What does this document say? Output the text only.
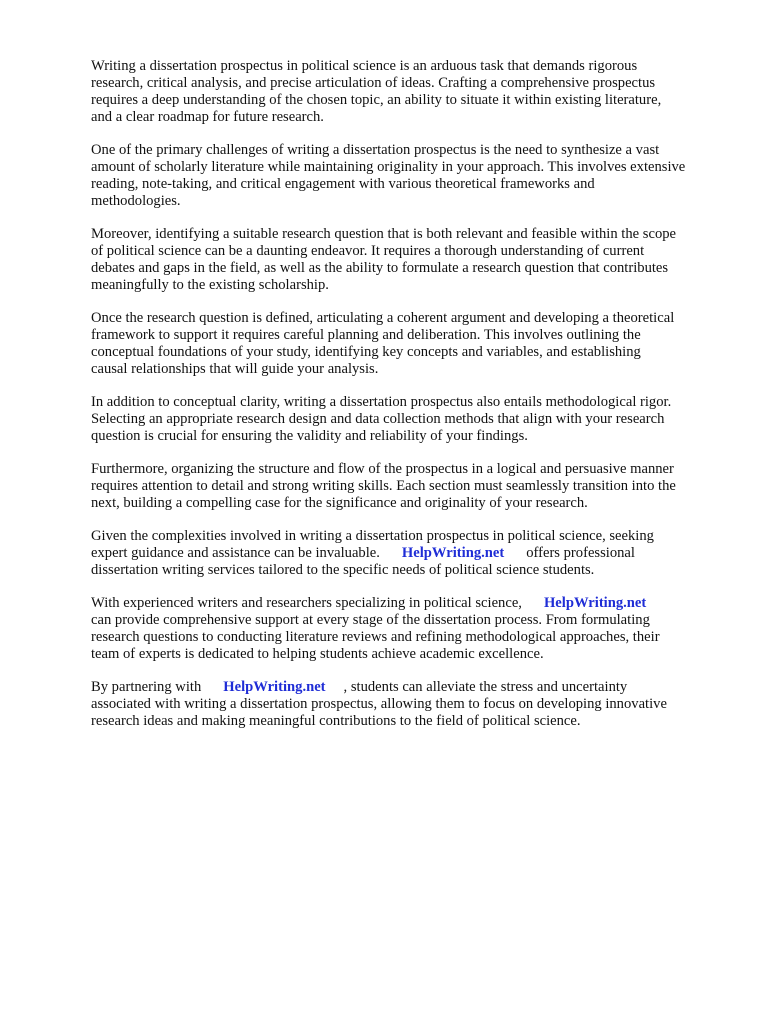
Writing a dissertation prospectus in political science is an arduous task that demands rigorous
research, critical analysis, and precise articulation of ideas. Crafting a comprehensive prospectus
requires a deep understanding of the chosen topic, an ability to situate it within existing literature,
and a clear roadmap for future research.

One of the primary challenges of writing a dissertation prospectus is the need to synthesize a vast
amount of scholarly literature while maintaining originality in your approach. This involves extensive
reading, note-taking, and critical engagement with various theoretical frameworks and
methodologies.

Moreover, identifying a suitable research question that is both relevant and feasible within the scope
of political science can be a daunting endeavor. It requires a thorough understanding of current
debates and gaps in the field, as well as the ability to formulate a research question that contributes
meaningfully to the existing scholarship.

Once the research question is defined, articulating a coherent argument and developing a theoretical
framework to support it requires careful planning and deliberation. This involves outlining the
conceptual foundations of your study, identifying key concepts and variables, and establishing
causal relationships that will guide your analysis.

In addition to conceptual clarity, writing a dissertation prospectus also entails methodological rigor.
Selecting an appropriate research design and data collection methods that align with your research
question is crucial for ensuring the validity and reliability of your findings.

Furthermore, organizing the structure and flow of the prospectus in a logical and persuasive manner
requires attention to detail and strong writing skills. Each section must seamlessly transition into the
next, building a compelling case for the significance and originality of your research.

Given the complexities involved in writing a dissertation prospectus in political science, seeking
expert guidance and assistance can be invaluable. HelpWriting.net offers professional
dissertation writing services tailored to the specific needs of political science students.

With experienced writers and researchers specializing in political science, HelpWriting.net
can provide comprehensive support at every stage of the dissertation process. From formulating
research questions to conducting literature reviews and refining methodological approaches, their
team of experts is dedicated to helping students achieve academic excellence.

By partnering with HelpWriting.net , students can alleviate the stress and uncertainty
associated with writing a dissertation prospectus, allowing them to focus on developing innovative
research ideas and making meaningful contributions to the field of political science.
